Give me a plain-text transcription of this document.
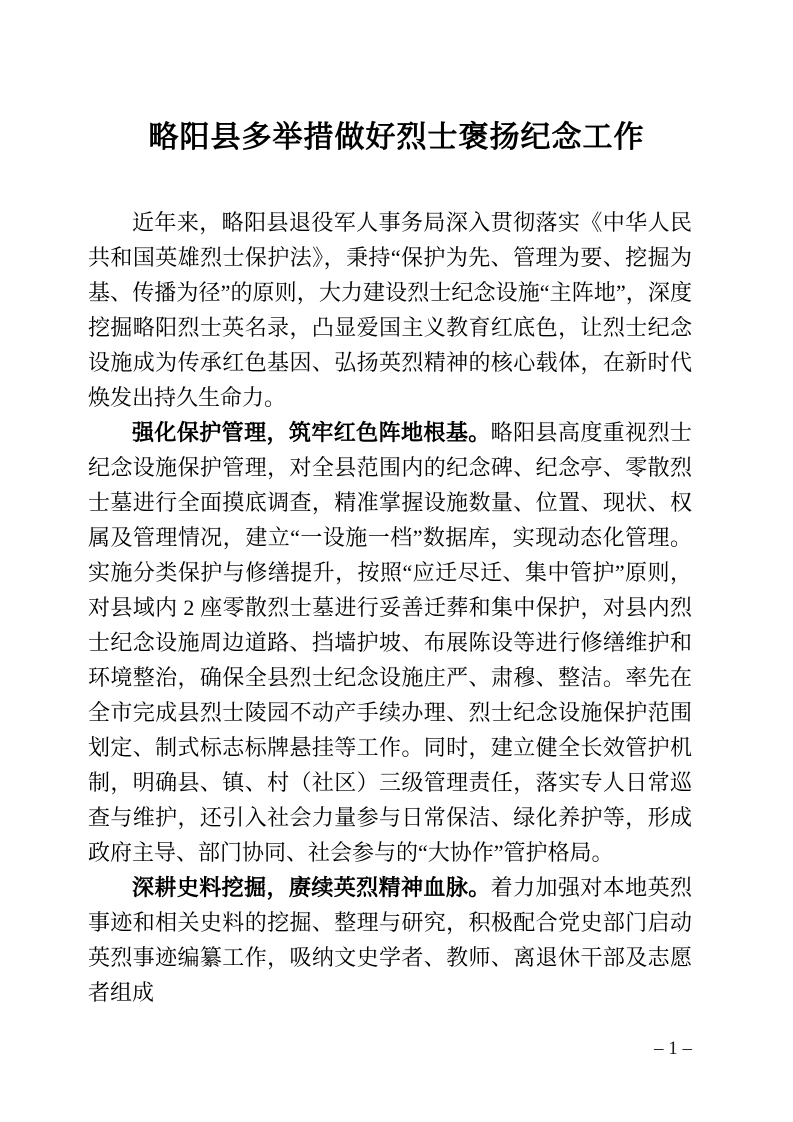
略阳县多举措做好烈士褒扬纪念工作

近年来，略阳县退役军人事务局深入贯彻落实《中华人民共和国英雄烈士保护法》，秉持“保护为先、管理为要、挖掘为基、传播为径”的原则，大力建设烈士纪念设施“主阵地”，深度挖掘略阳烈士英名录，凸显爱国主义教育红底色，让烈士纪念设施成为传承红色基因、弘扬英烈精神的核心载体，在新时代焕发出持久生命力。

强化保护管理，筑牢红色阵地根基。略阳县高度重视烈士纪念设施保护管理，对全县范围内的纪念碑、纪念亭、零散烈士墓进行全面摸底调查，精准掌握设施数量、位置、现状、权属及管理情况，建立“一设施一档”数据库，实现动态化管理。实施分类保护与修缮提升，按照“应迁尽迁、集中管护”原则，对县域内 2 座零散烈士墓进行妥善迁葬和集中保护，对县内烈士纪念设施周边道路、挡墙护坡、布展陈设等进行修缮维护和环境整治，确保全县烈士纪念设施庄严、肃穆、整洁。率先在全市完成县烈士陵园不动产手续办理、烈士纪念设施保护范围划定、制式标志标牌悬挂等工作。同时，建立健全长效管护机制，明确县、镇、村（社区）三级管理责任，落实专人日常巡查与维护，还引入社会力量参与日常保洁、绿化养护等，形成政府主导、部门协同、社会参与的“大协作”管护格局。

深耕史料挖掘，赓续英烈精神血脉。着力加强对本地英烈事迹和相关史料的挖掘、整理与研究，积极配合党史部门启动英烈事迹编纂工作，吸纳文史学者、教师、离退休干部及志愿者组成

– 1 –
